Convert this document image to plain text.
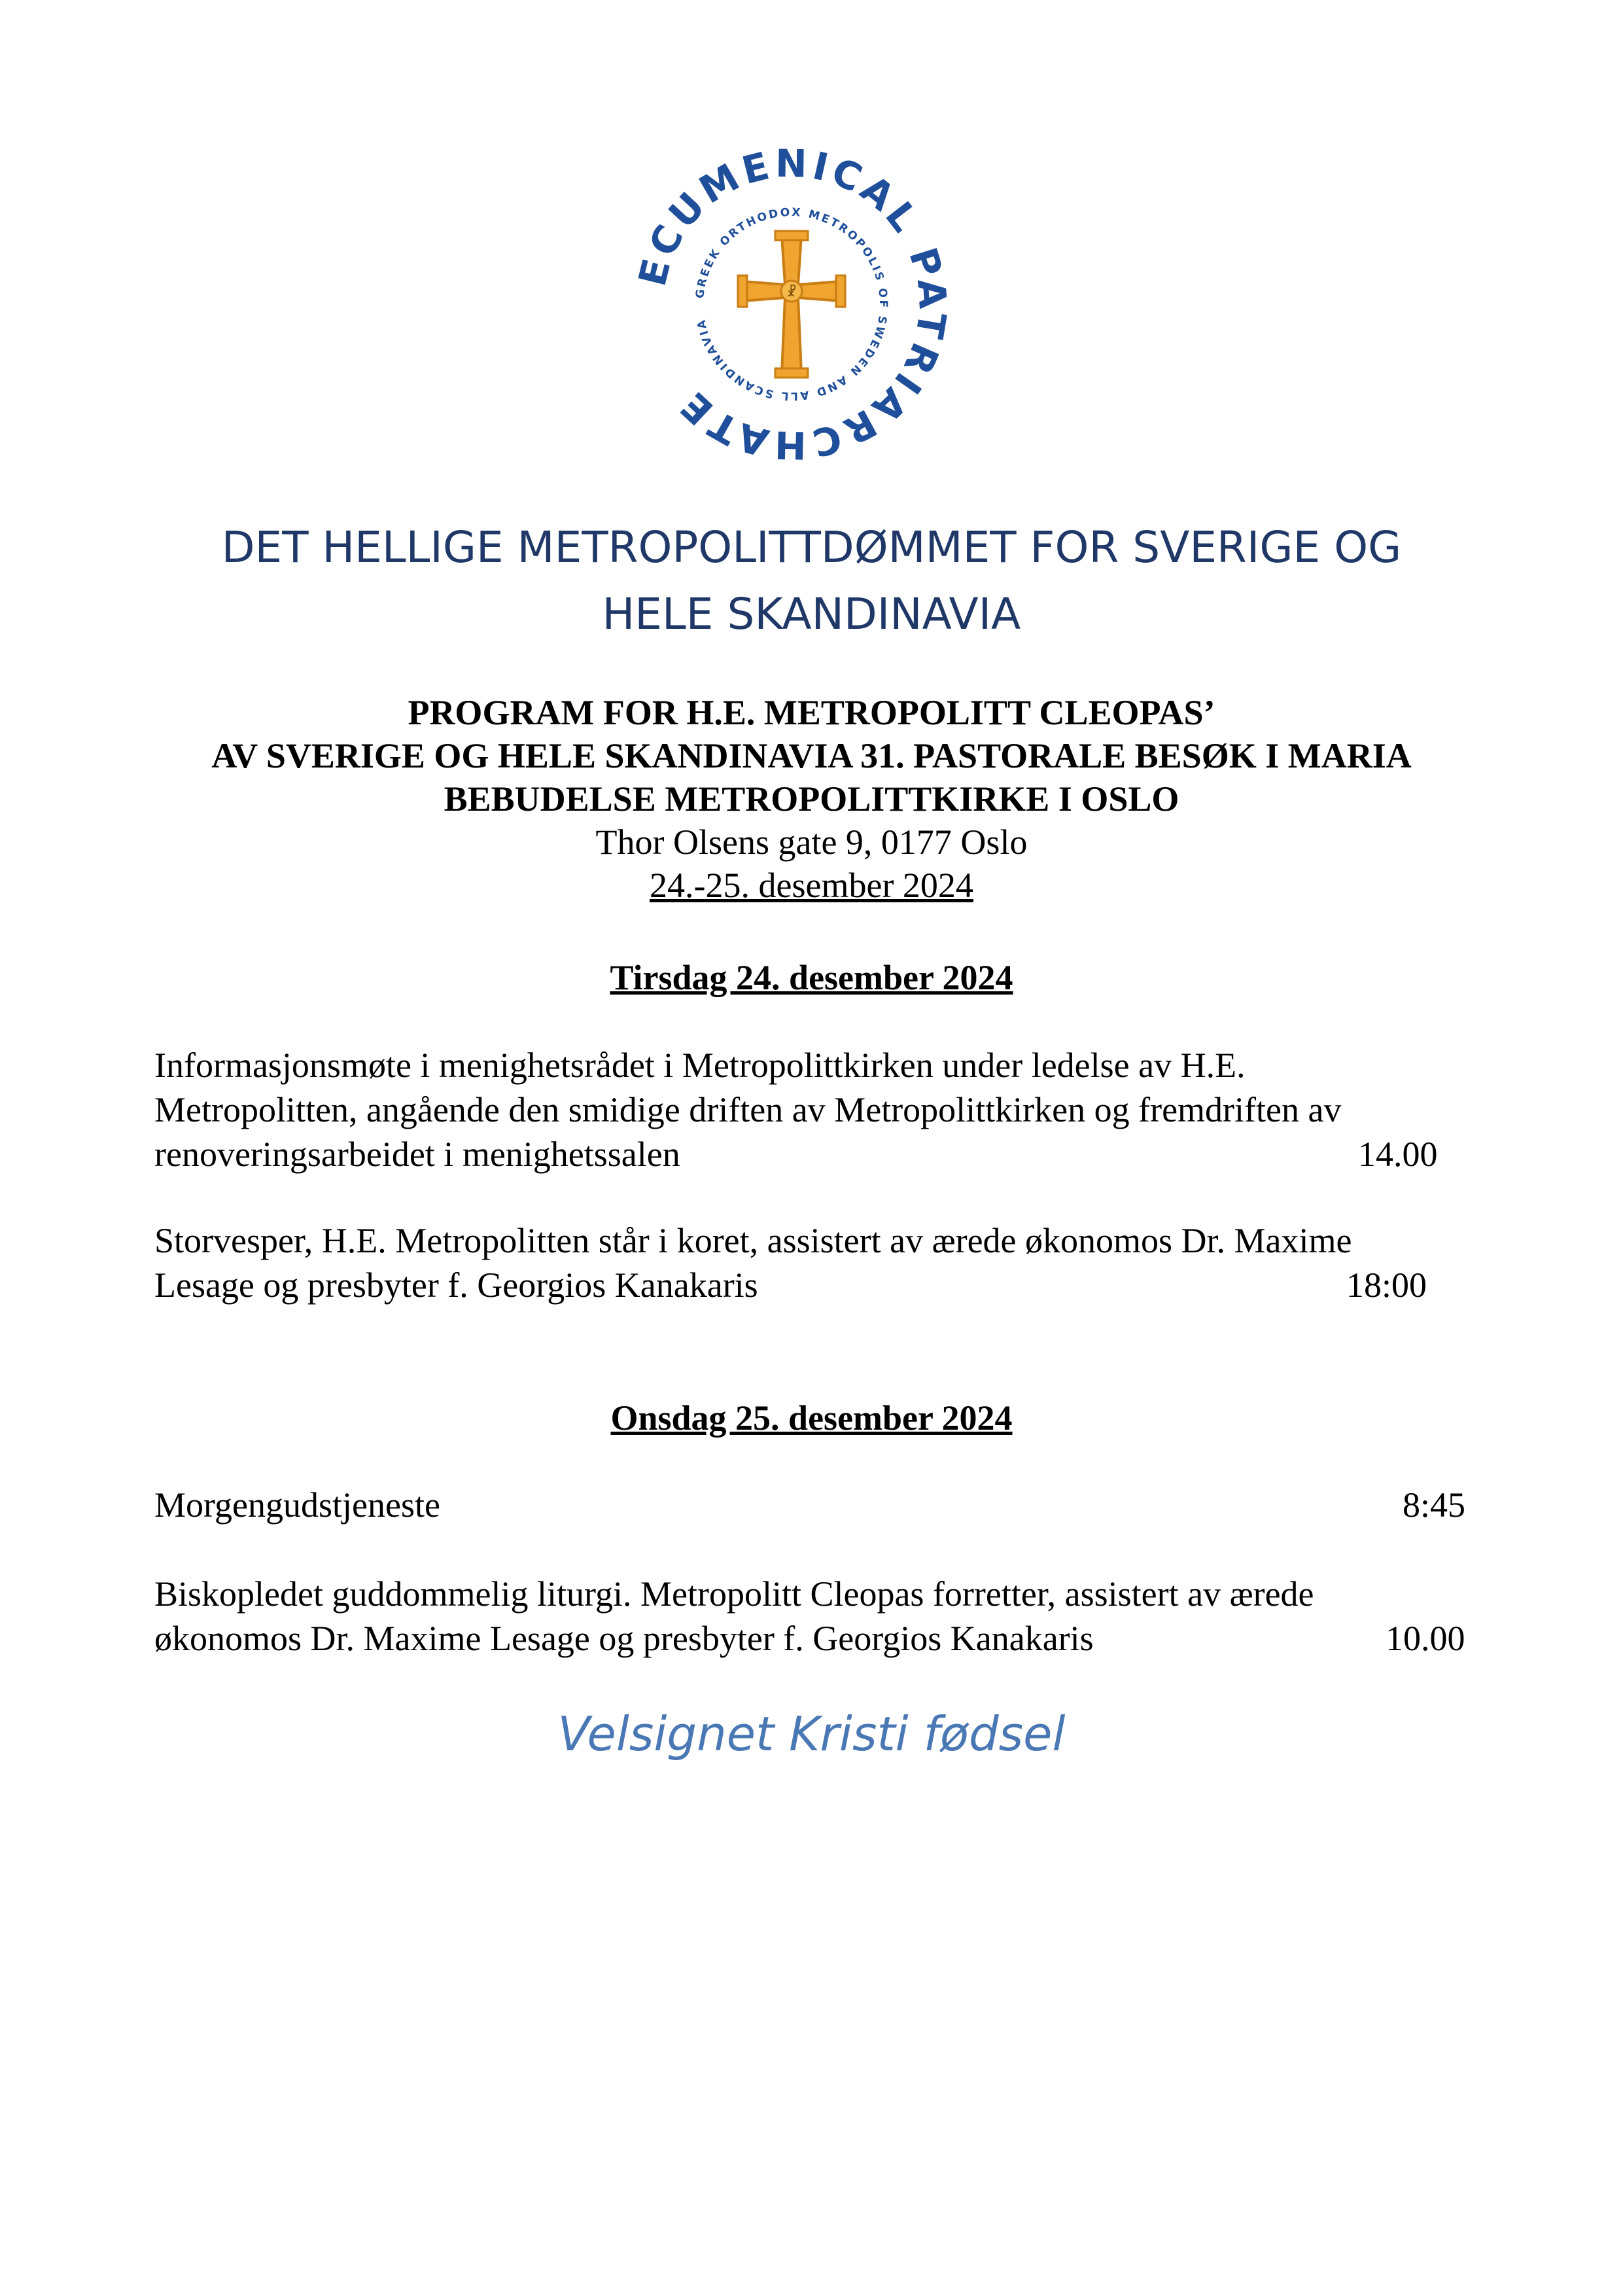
ECUMENICAL PATRIARCHATE
GREEK ORTHODOX METROPOLIS OF SWEDEN AND ALL SCANDINAVIA
☧
DET HELLIGE METROPOLITTDØMMET FOR SVERIGE OG
HELE SKANDINAVIA
PROGRAM FOR H.E. METROPOLITT CLEOPAS’
AV SVERIGE OG HELE SKANDINAVIA 31. PASTORALE BESØK I MARIA
BEBUDELSE METROPOLITTKIRKE I OSLO
Thor Olsens gate 9, 0177 Oslo
24.-25. desember 2024
Tirsdag 24. desember 2024
Informasjonsmøte i menighetsrådet i Metropolittkirken under ledelse av H.E.
Metropolitten, angående den smidige driften av Metropolittkirken og fremdriften av
renoveringsarbeidet i menighetssalen	14.00
Storvesper, H.E. Metropolitten står i koret, assistert av ærede økonomos Dr. Maxime
Lesage og presbyter f. Georgios Kanakaris	18:00
Onsdag 25. desember 2024
Morgengudstjeneste	8:45
Biskopledet guddommelig liturgi. Metropolitt Cleopas forretter, assistert av ærede
økonomos Dr. Maxime Lesage og presbyter f. Georgios Kanakaris	10.00
Velsignet Kristi fødsel
